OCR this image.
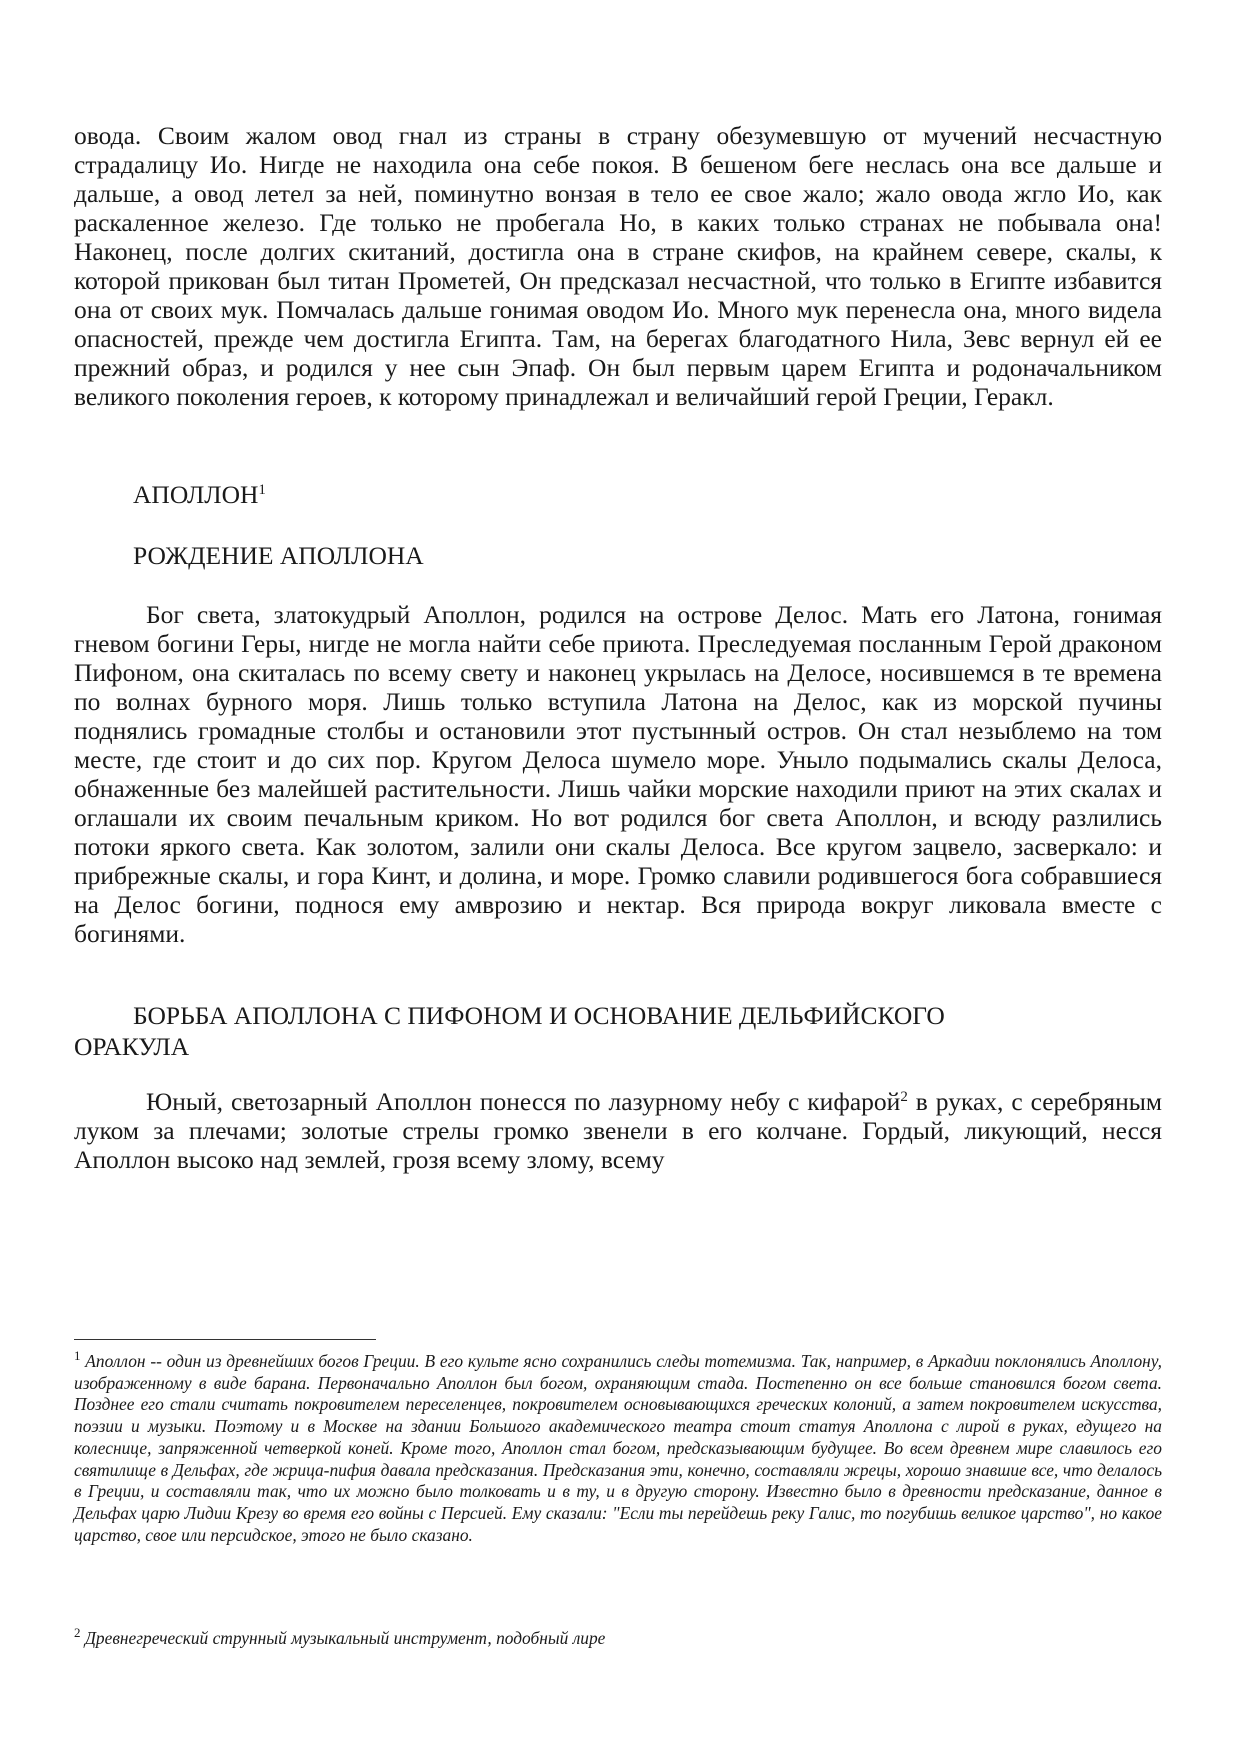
овода. Своим жалом овод гнал из страны в страну обезумевшую от мучений несчастную страдалицу Ио. Нигде не находила она себе покоя. В бешеном беге неслась она все дальше и дальше, а овод летел за ней, поминутно вонзая в тело ее свое жало; жало овода жгло Ио, как раскаленное железо. Где только не пробегала Но, в каких только странах не побывала она! Наконец, после долгих скитаний, достигла она в стране скифов, на крайнем севере, скалы, к которой прикован был титан Прометей, Он предсказал несчастной, что только в Египте избавится она от своих мук. Помчалась дальше гонимая оводом Ио. Много мук перенесла она, много видела опасностей, прежде чем достигла Египта. Там, на берегах благодатного Нила, Зевс вернул ей ее прежний образ, и родился у нее сын Эпаф. Он был первым царем Египта и родоначальником великого поколения героев, к которому принадлежал и величайший герой Греции, Геракл.

АПОЛЛОН$^1$

РОЖДЕНИЕ АПОЛЛОНА

Бог света, златокудрый Аполлон, родился на острове Делос. Мать его Латона, гонимая гневом богини Геры, нигде не могла найти себе приюта. Преследуемая посланным Герой драконом Пифоном, она скиталась по всему свету и наконец укрылась на Делосе, носившемся в те времена по волнах бурного моря. Лишь только вступила Латона на Делос, как из морской пучины поднялись громадные столбы и остановили этот пустынный остров. Он стал незыблемо на том месте, где стоит и до сих пор. Кругом Делоса шумело море. Уныло подымались скалы Делоса, обнаженные без малейшей растительности. Лишь чайки морские находили приют на этих скалах и оглашали их своим печальным криком. Но вот родился бог света Аполлон, и всюду разлились потоки яркого света. Как золотом, залили они скалы Делоса. Все кругом зацвело, засверкало: и прибрежные скалы, и гора Кинт, и долина, и море. Громко славили родившегося бога собравшиеся на Делос богини, поднося ему амврозию и нектар. Вся природа вокруг ликовала вместе с богинями.

БОРЬБА АПОЛЛОНА С ПИФОНОМ И ОСНОВАНИЕ ДЕЛЬФИЙСКОГО
ОРАКУЛА

Юный, светозарный Аполлон понесся по лазурному небу с кифарой$^2$ в руках, с серебряным луком за плечами; золотые стрелы громко звенели в его колчане. Гордый, ликующий, несся Аполлон высоко над землей, грозя всему злому, всему

$^1$ Аполлон -- один из древнейших богов Греции. В его культе ясно сохранились следы тотемизма. Так, например, в Аркадии поклонялись Аполлону, изображенному в виде барана. Первоначально Аполлон был богом, охраняющим стада. Постепенно он все больше становился богом света. Позднее его стали считать покровителем переселенцев, покровителем основывающихся греческих колоний, а затем покровителем искусства, поэзии и музыки. Поэтому и в Москве на здании Большого академического театра стоит статуя Аполлона с лирой в руках, едущего на колеснице, запряженной четверкой коней. Кроме того, Аполлон стал богом, предсказывающим будущее. Во всем древнем мире славилось его святилище в Дельфах, где жрица-пифия давала предсказания. Предсказания эти, конечно, составляли жрецы, хорошо знавшие все, что делалось в Греции, и составляли так, что их можно было толковать и в ту, и в другую сторону. Известно было в древности предсказание, данное в Дельфах царю Лидии Крезу во время его войны с Персией. Ему сказали: "Если ты перейдешь реку Галис, то погубишь великое царство", но какое царство, свое или персидское, этого не было сказано.

$^2$ Древнегреческий струнный музыкальный инструмент, подобный лире
